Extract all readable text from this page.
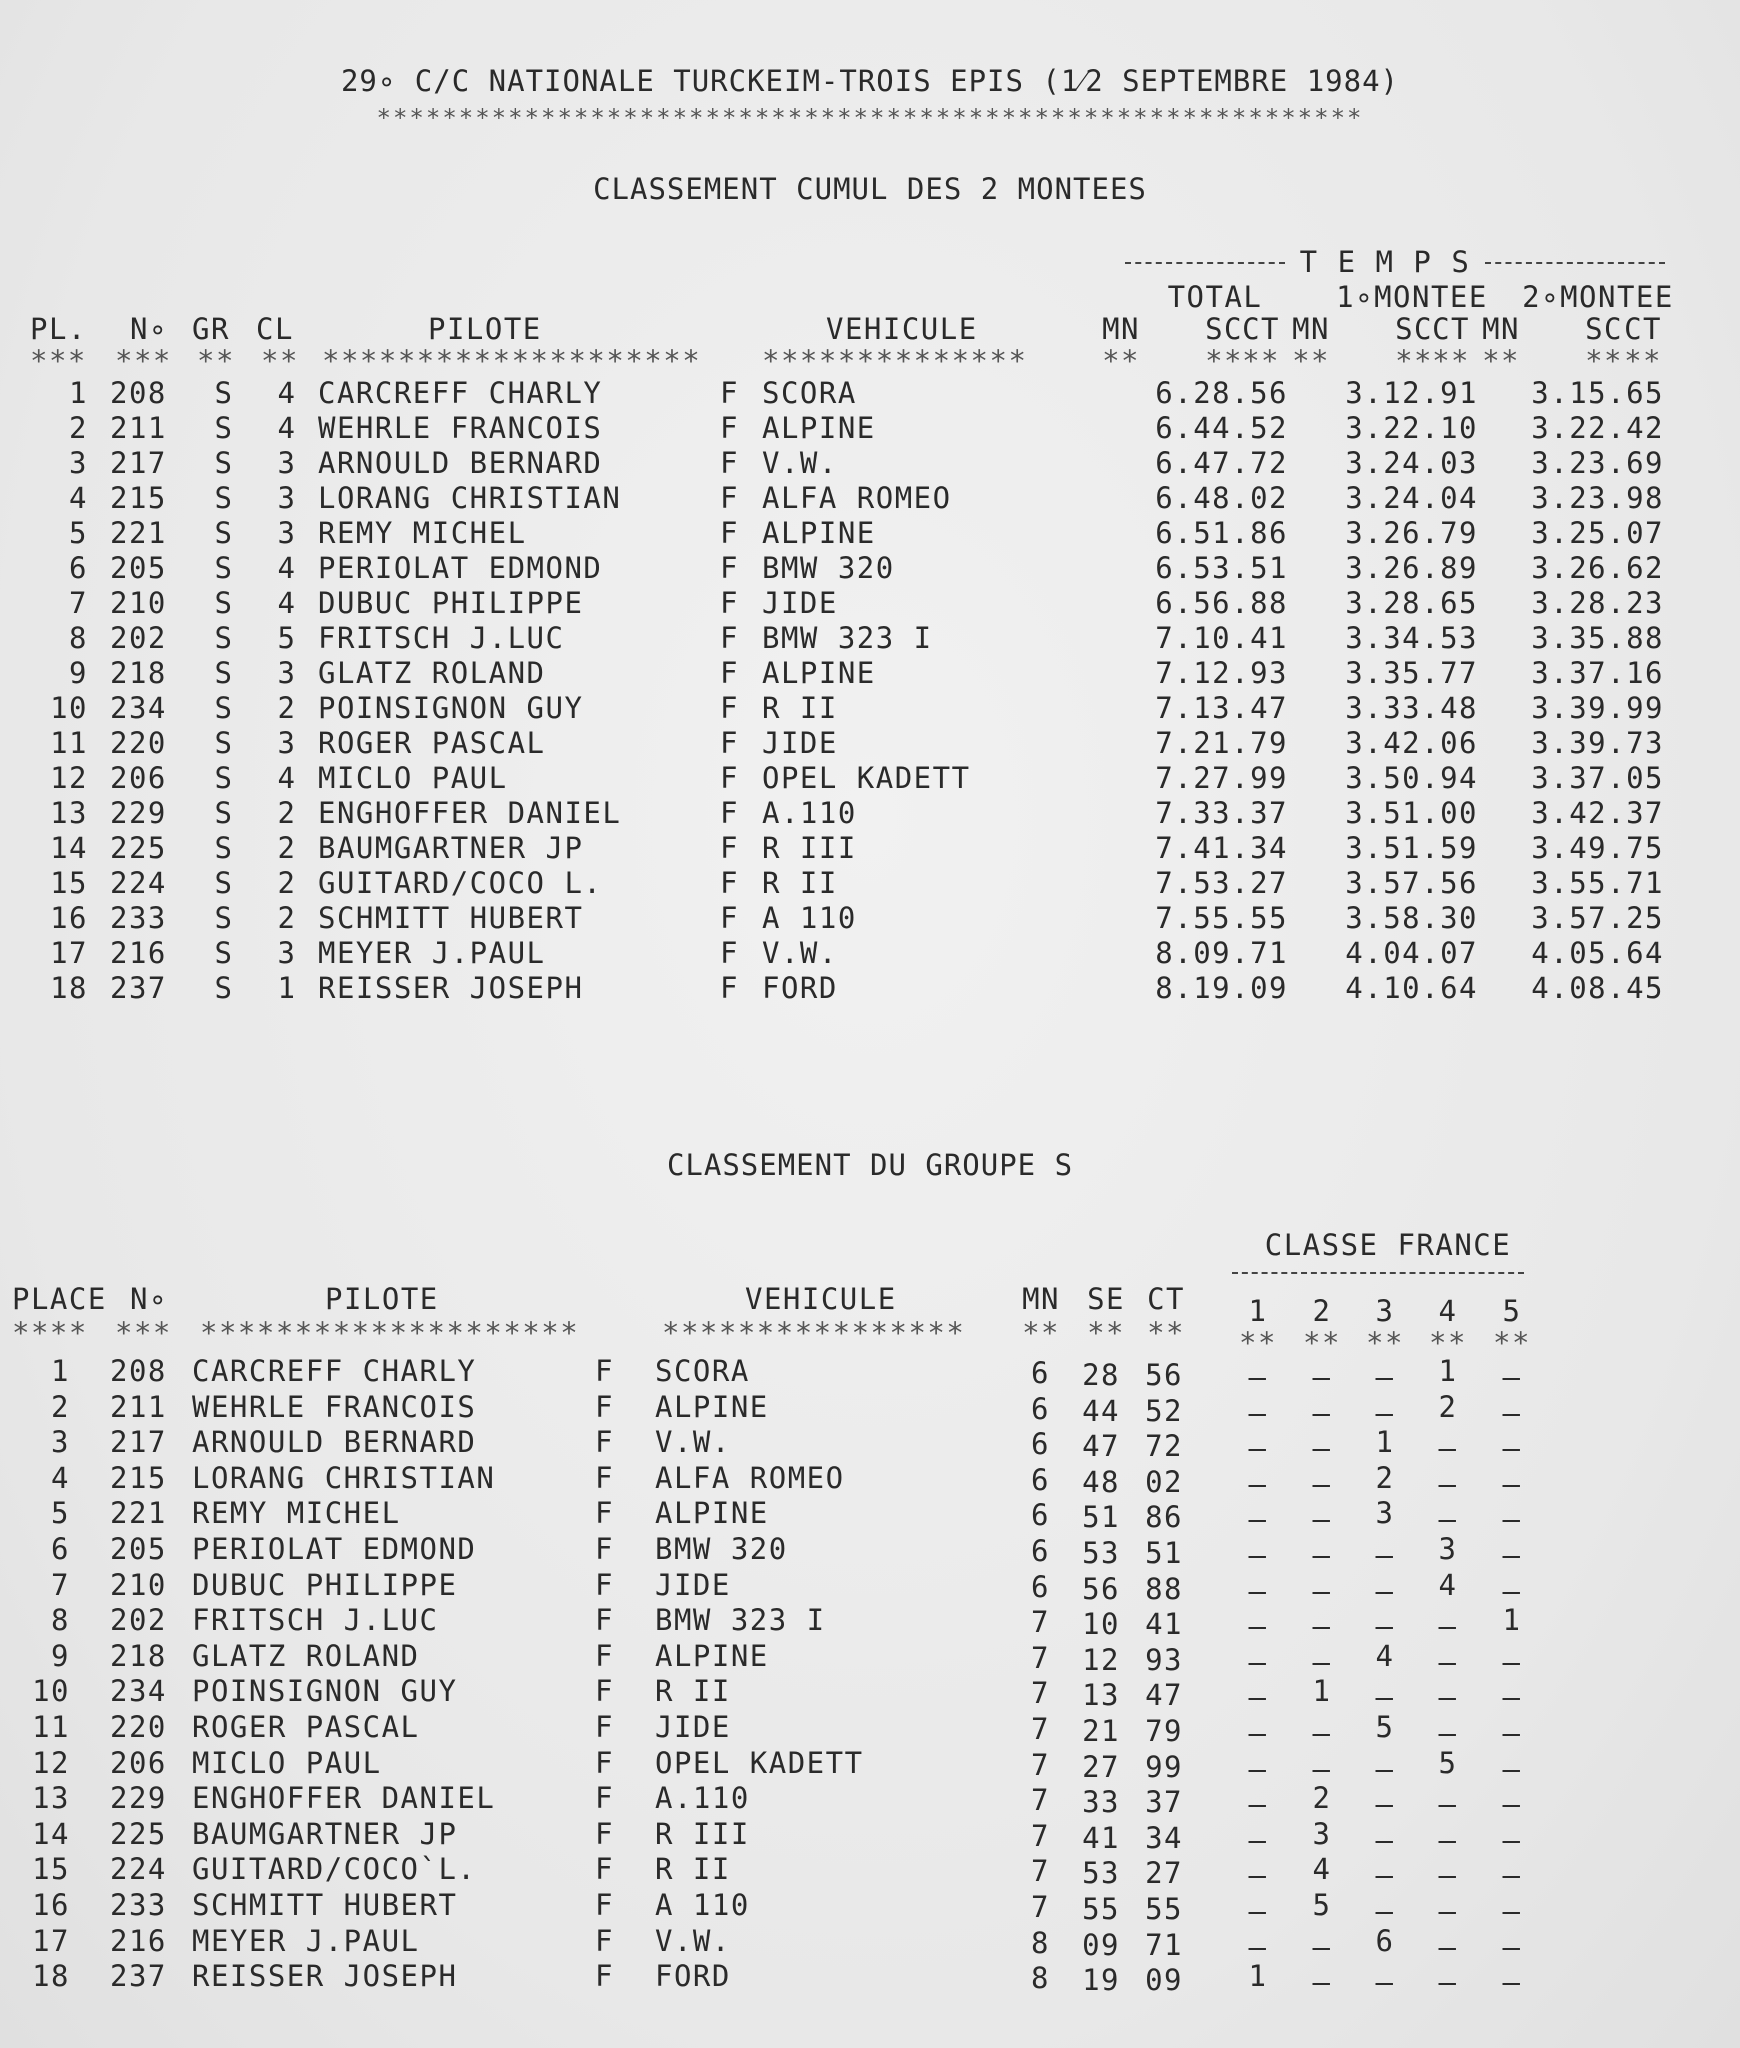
29∘ C/C NATIONALE TURCKEIM-TROIS EPIS (1⁄2 SEPTEMBRE 1984)
************************************************************
CLASSEMENT CUMUL DES 2 MONTEES
T E M P S
TOTAL	1∘MONTEE	2∘MONTEE
PL. N∘ GR CL	PILOTE	VEHICULE	MN	SC CT MN	SC CT MN	SC CT
*** *** ** ** ******************** **************	**	** ** **	** ** **	** **
1 208 S 4 CARCREFF CHARLY	F SCORA	6.28.56	3.12.91	3.15.65
2 211 S 4 WEHRLE FRANCOIS	F ALPINE	6.44.52	3.22.10	3.22.42
3 217 S 3 ARNOULD BERNARD	F V.W.	6.47.72	3.24.03	3.23.69
4 215 S 3 LORANG CHRISTIAN	F ALFA ROMEO	6.48.02	3.24.04	3.23.98
5 221 S 3 REMY MICHEL	F ALPINE	6.51.86	3.26.79	3.25.07
6 205 S 4 PERIOLAT EDMOND	F BMW 320	6.53.51	3.26.89	3.26.62
7 210 S 4 DUBUC PHILIPPE	F JIDE	6.56.88	3.28.65	3.28.23
8 202 S 5 FRITSCH J.LUC	F BMW 323 I	7.10.41	3.34.53	3.35.88
9 218 S 3 GLATZ ROLAND	F ALPINE	7.12.93	3.35.77	3.37.16
10 234 S 2 POINSIGNON GUY	F R II	7.13.47	3.33.48	3.39.99
11 220 S 3 ROGER PASCAL	F JIDE	7.21.79	3.42.06	3.39.73
12 206 S 4 MICLO PAUL	F OPEL KADETT	7.27.99	3.50.94	3.37.05
13 229 S 2 ENGHOFFER DANIEL	F A.110	7.33.37	3.51.00	3.42.37
14 225 S 2 BAUMGARTNER JP	F R III	7.41.34	3.51.59	3.49.75
15 224 S 2 GUITARD/COCO L.	F R II	7.53.27	3.57.56	3.55.71
16 233 S 2 SCHMITT HUBERT	F A 110	7.55.55	3.58.30	3.57.25
17 216 S 3 MEYER J.PAUL	F V.W.	8.09.71	4.04.07	4.05.64
18 237 S 1 REISSER JOSEPH	F FORD	8.19.09	4.10.64	4.08.45
CLASSEMENT DU GROUPE S
CLASSE FRANCE
PLACE N∘	PILOTE	VEHICULE	MN SE CT	1	2	3	4	5
**** *** ********************	****************	** ** ** ** ** ** ** **
1 208 CARCREFF CHARLY	F SCORA	6	28 56	–	–	–	1	–
2 211 WEHRLE FRANCOIS	F ALPINE	6	44 52	–	–	–	2	–
3 217 ARNOULD BERNARD	F V.W.	6	47 72	–	–	1	–	–
4 215 LORANG CHRISTIAN	F ALFA ROMEO	6	48 02	–	–	2	–	–
5 221 REMY MICHEL	F ALPINE	6	51 86	–	–	3	–	–
6 205 PERIOLAT EDMOND	F BMW 320	6	53 51	–	–	–	3	–
7 210 DUBUC PHILIPPE	F JIDE	6	56 88	–	–	–	4	–
8 202 FRITSCH J.LUC	F BMW 323 I	7	10 41	–	–	–	–	1
9 218 GLATZ ROLAND	F ALPINE	7	12 93	–	–	4	–	–
10 234 POINSIGNON GUY	F R II	7	13 47	–	1	–	–	–
11 220 ROGER PASCAL	F JIDE	7	21 79	–	–	5	–	–
12 206 MICLO PAUL	F OPEL KADETT	7	27 99	–	–	–	5	–
13 229 ENGHOFFER DANIEL	F A.110	7	33 37	–	2	–	–	–
14 225 BAUMGARTNER JP	F R III	7	41 34	–	3	–	–	–
15 224 GUITARD/COCO`L.	F R II	7	53 27	–	4	–	–	–
16 233 SCHMITT HUBERT	F A 110	7	55 55	–	5	–	–	–
17 216 MEYER J.PAUL	F V.W.	8	09 71	–	–	6	–	–
18 237 REISSER JOSEPH	F FORD	8	19 09	1	–	–	–	–
